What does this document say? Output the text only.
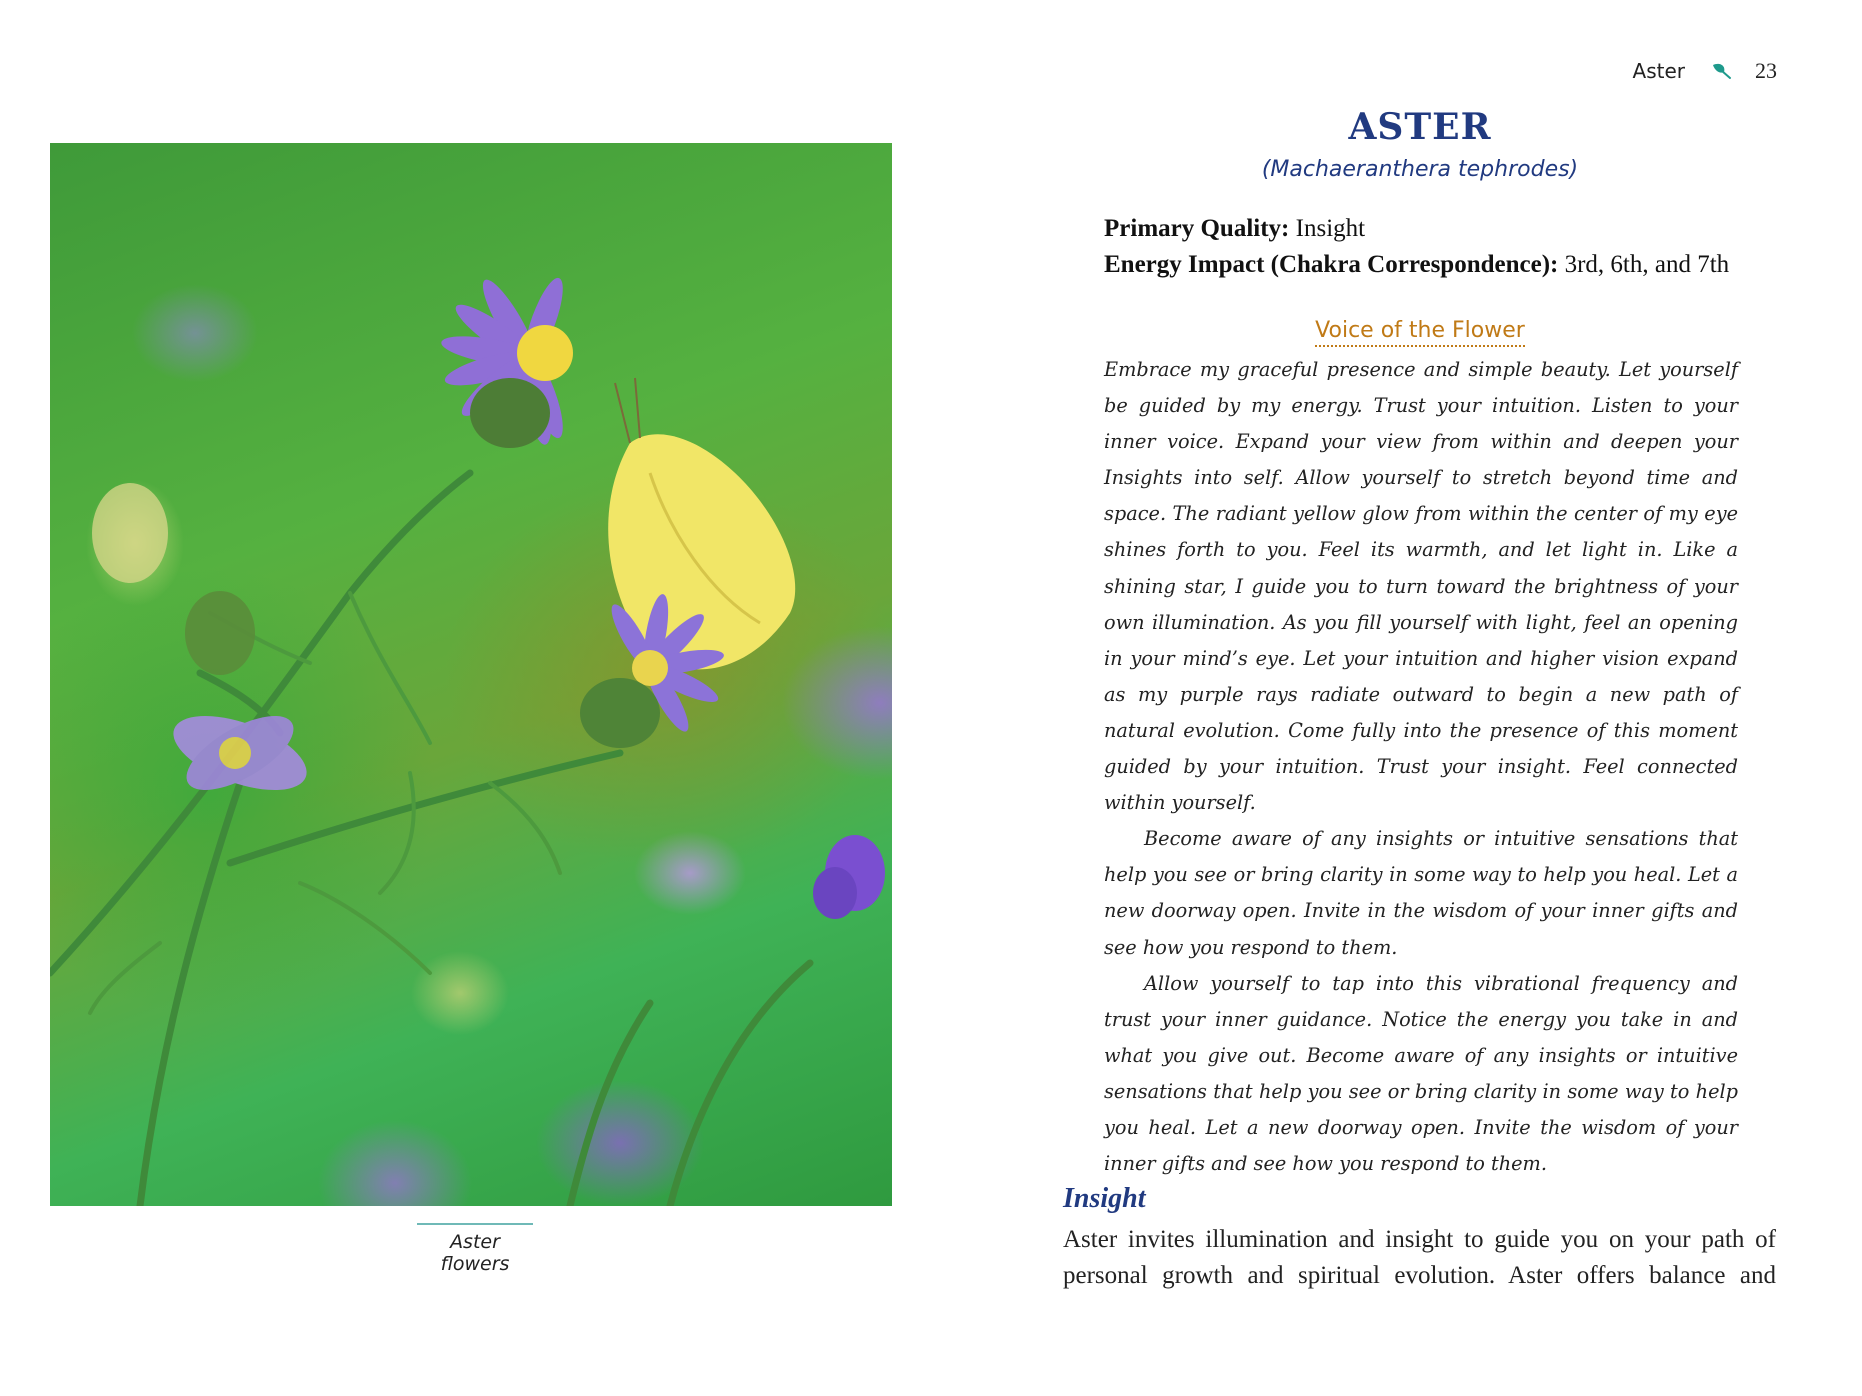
Aster flowers
Aster	23
ASTER
(Machaeranthera tephrodes)
Primary Quality: Insight
Energy Impact (Chakra Correspondence): 3rd, 6th, and 7th
Voice of the Flower

Embrace my graceful presence and simple beauty. Let yourself be guided by my energy. Trust your intuition. Listen to your inner voice. Expand your view from within and deepen your Insights into self. Allow yourself to stretch beyond time and space. The radiant yellow glow from within the center of my eye shines forth to you. Feel its warmth, and let light in. Like a shining star, I guide you to turn toward the brightness of your own illumination. As you fill yourself with light, feel an opening in your mind’s eye. Let your intuition and higher vision expand as my purple rays radiate outward to begin a new path of natural evolution. Come fully into the presence of this moment guided by your intuition. Trust your insight. Feel connected within yourself.

Become aware of any insights or intuitive sensations that help you see or bring clarity in some way to help you heal. Let a new doorway open. Invite in the wisdom of your inner gifts and see how you respond to them.

Allow yourself to tap into this vibrational frequency and trust your inner guidance. Notice the energy you take in and what you give out. Become aware of any insights or intuitive sensations that help you see or bring clarity in some way to help you heal. Let a new doorway open. Invite the wisdom of your inner gifts and see how you respond to them.

Insight
Aster invites illumination and insight to guide you on your path of personal growth and spiritual evolution. Aster offers balance and
